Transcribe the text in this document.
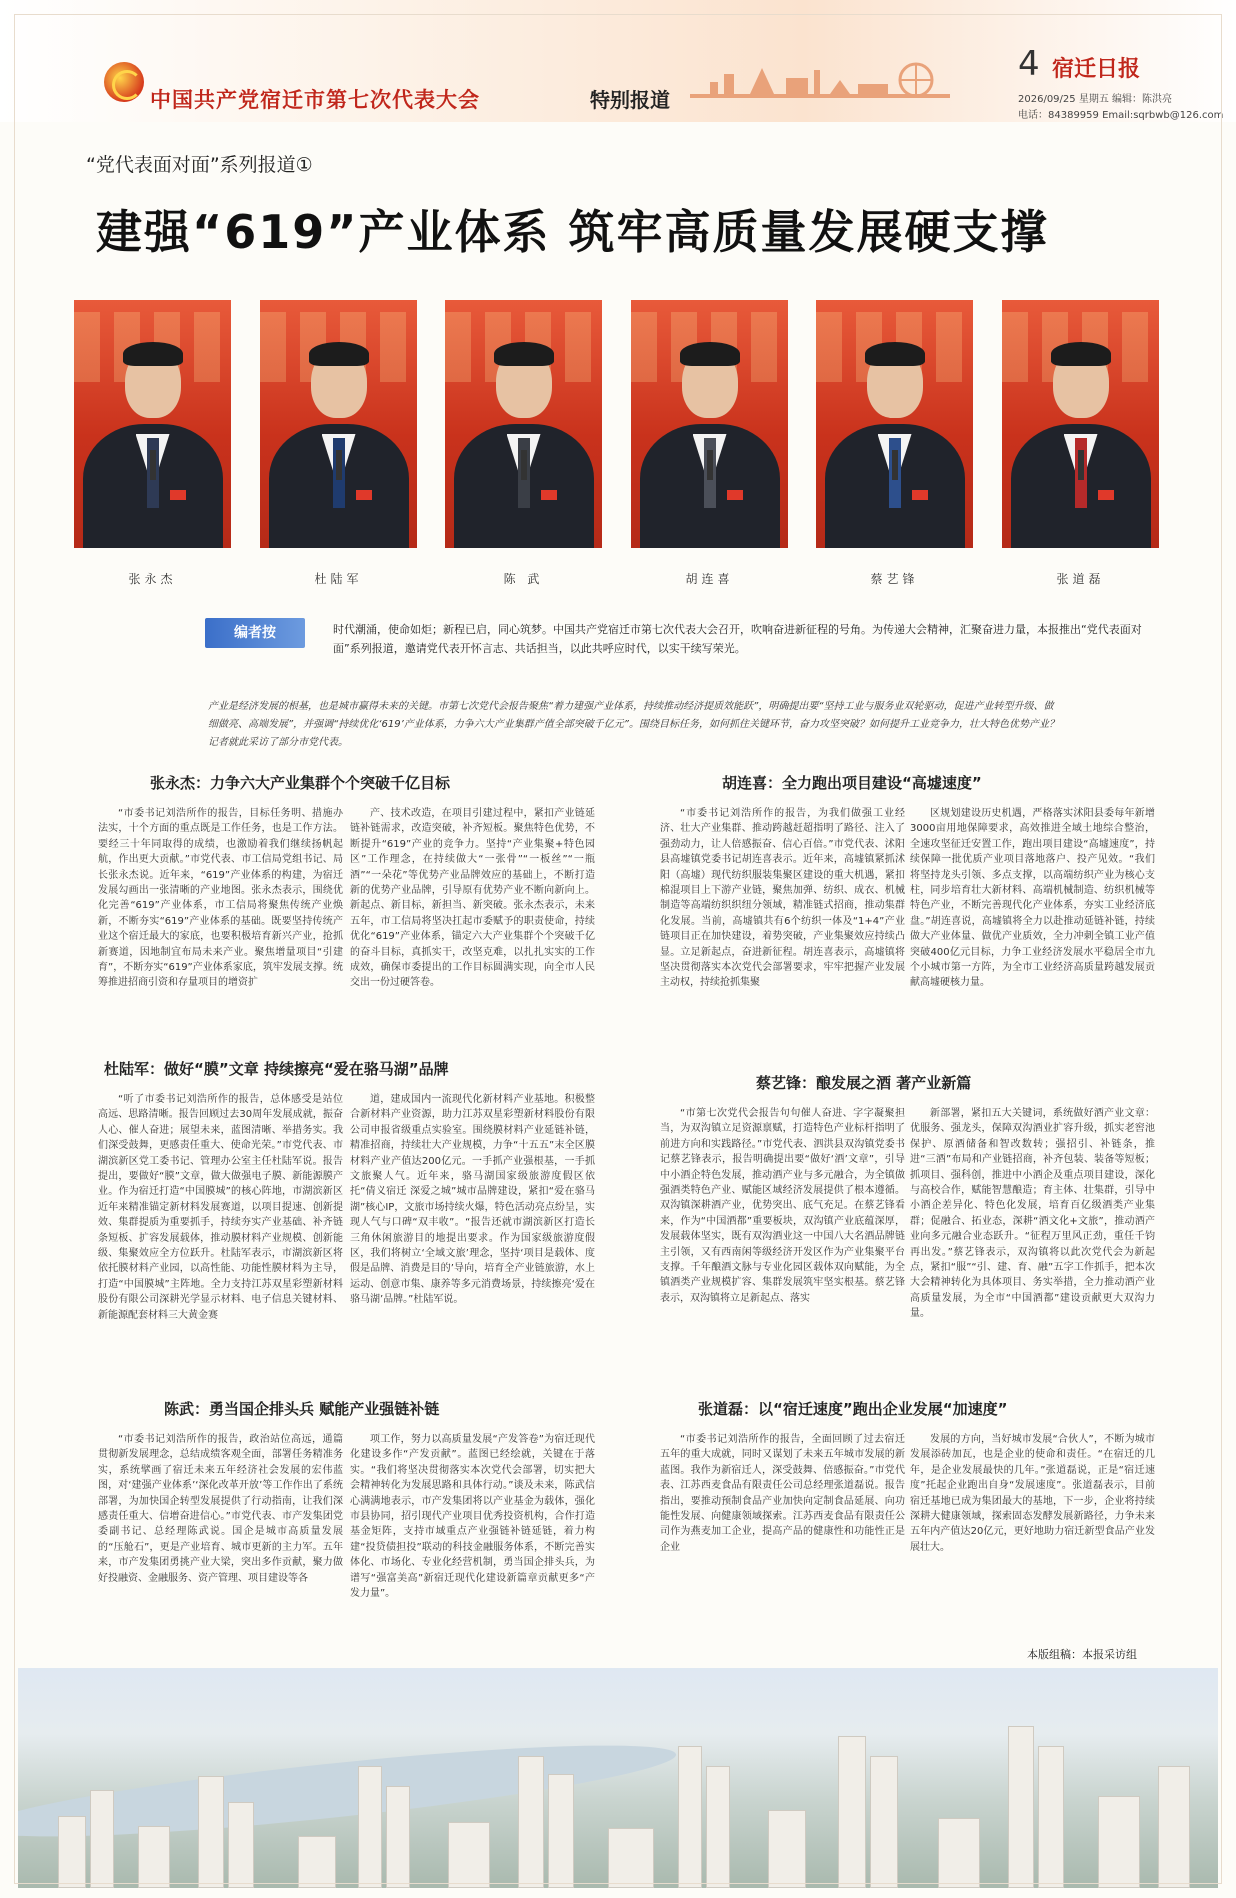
中国共产党宿迁市第七次代表大会	特别报道
4 宿迁日报
2026/09/25 星期五 编辑：陈洪亮
电话：84389959 Email:sqrbwb@126.com
“党代表面对面”系列报道①
建强“619”产业体系 筑牢高质量发展硬支撑
张永杰	杜陆军	陈 武	胡连喜	蔡艺锋	张道磊
编者按	时代潮涌，使命如炬；新程已启，同心筑梦。中国共产党宿迁市第七次代表大会召开，吹响奋进新征程的号角。为传递大会精神，汇聚奋进力量，本报推出“党代表面对面”系列报道，邀请党代表开怀言志、共话担当，以此共呼应时代，以实干续写荣光。
产业是经济发展的根基，也是城市赢得未来的关键。市第七次党代会报告聚焦“着力建强产业体系，持续推动经济提质效能跃”，明确提出要“坚持工业与服务业双轮驱动，促进产业转型升级、做细做亮、高端发展”，并强调“持续优化‘619’产业体系，力争六大产业集群产值全部突破千亿元”。围绕目标任务，如何抓住关键环节，奋力攻坚突破？如何提升工业竞争力，壮大特色优势产业？记者就此采访了部分市党代表。
张永杰：力争六大产业集群个个突破千亿目标
“市委书记刘浩所作的报告，目标任务明、措施办法实，十个方面的重点既是工作任务，也是工作方法。要经三十年同取得的成绩，也激励着我们继续扬帆起航，作出更大贡献。”市党代表、市工信局党组书记、局长张永杰说。近年来，“619”产业体系的构建，为宿迁发展勾画出一张清晰的产业地图。张永杰表示，围绕优化完善“619”产业体系，市工信局将聚焦传统产业焕新，不断夯实“619”产业体系的基础。既要坚持传统产业这个宿迁最大的家底，也要积极培育新兴产业，抢抓新赛道，因地制宜布局未来产业。聚焦增量项目“引建育”，不断夯实“619”产业体系家底，筑牢发展支撑。统筹推进招商引资和存量项目的增资扩
产、技术改造，在项目引建过程中，紧扣产业链延链补链需求，改造突破，补齐短板。聚焦特色优势，不断提升“619”产业的竞争力。坚持“产业集聚+特色园区”工作理念，在持续做大“一张骨”“一板丝”“一瓶酒”“一朵花”等优势产业品牌效应的基础上，不断打造新的优势产业品牌，引导原有优势产业不断向新向上。新起点、新目标，新担当、新突破。张永杰表示，未来五年，市工信局将坚决扛起市委赋予的职责使命，持续优化“619”产业体系，锚定六大产业集群个个突破千亿的奋斗目标，真抓实干，改坚克难，以扎扎实实的工作成效，确保市委提出的工作目标圆满实现，向全市人民交出一份过硬答卷。
胡连喜：全力跑出项目建设“高墟速度”
“市委书记刘浩所作的报告，为我们做强工业经济、壮大产业集群、推动跨越赶超指明了路径、注入了强劲动力，让人倍感振奋、信心百倍。”市党代表、沭阳县高墟镇党委书记胡连喜表示。近年来，高墟镇紧抓沭阳（高墟）现代纺织服装集聚区建设的重大机遇，紧扣棉混项目上下游产业链，聚焦加弹、纺织、成衣、机械制造等高端纺织织纽分领域，精准链式招商，推动集群化发展。当前，高墟镇共有6个纺织一体及“1+4”产业链项目正在加快建设，着势突破，产业集聚效应持续凸显。立足新起点，奋进新征程。胡连喜表示，高墟镇将坚决贯彻落实本次党代会部署要求，牢牢把握产业发展主动权，持续抢抓集聚
区规划建设历史机遇，严格落实沭阳县委每年新增3000亩用地保障要求，高效推进全域土地综合整治，全速攻坚征迁安置工作，跑出项目建设“高墟速度”，持续保障一批优质产业项目落地落户、投产见效。“我们将坚持龙头引领、多点支撑，以高端纺织产业为核心支柱，同步培育壮大新材料、高端机械制造、纺织机械等特色产业，不断完善现代化产业体系，夯实工业经济底盘。”胡连喜说，高墟镇将全力以赴推动延链补链，持续做大产业体量、做优产业质效，全力冲刺全镇工业产值突破400亿元目标，力争工业经济发展水平稳居全市九个小城市第一方阵，为全市工业经济高质量跨越发展贡献高墟硬核力量。
杜陆军：做好“膜”文章 持续擦亮“爱在骆马湖”品牌
“听了市委书记刘浩所作的报告，总体感受是站位高远、思路清晰。报告回顾过去30周年发展成就，振奋人心、催人奋进；展望未来，蓝图清晰、举措务实。我们深受鼓舞，更感责任重大、使命光荣。”市党代表、市湖滨新区党工委书记、管理办公室主任杜陆军说。报告提出，要做好“膜”文章，做大做强电子膜、新能源膜产业。作为宿迁打造“中国膜城”的核心阵地，市湖滨新区近年来精准锚定新材料发展赛道，以项目提速、创新提效、集群提质为重要抓手，持续夯实产业基础、补齐链条短板、扩容发展载体，推动膜材料产业规模、创新能级、集聚效应全方位跃升。杜陆军表示，市湖滨新区将依托膜材料产业园，以高性能、功能性膜材料为主导，打造“中国膜城”主阵地。全力支持江苏双星彩塑新材料股份有限公司深耕光学显示材料、电子信息关键材料、新能源配套材料三大黄金赛
道，建成国内一流现代化新材料产业基地。积极整合新材料产业资源，助力江苏双星彩塑新材料股份有限公司申报省级重点实验室。围绕膜材料产业延链补链，精准招商，持续壮大产业规模，力争“十五五”末全区膜材料产业产值达200亿元。一手抓产业强根基，一手抓文旅聚人气。近年来，骆马湖国家级旅游度假区依托“倩义宿迁 深爱之城”城市品牌建设，紧扣“爱在骆马湖”核心IP，文旅市场持续火爆，特色活动亮点纷呈，实现人气与口碑“双丰收”。“报告还就市湖滨新区打造长三角休闲旅游目的地提出要求。作为国家级旅游度假区，我们将树立‘全域文旅’理念，坚持‘项目是载体、度假是品牌、消费是目的’导向，培育全产业链旅游，水上运动、创意市集、康养等多元消费场景，持续擦亮‘爱在骆马湖’品牌。”杜陆军说。
蔡艺锋：酿发展之酒 著产业新篇
“市第七次党代会报告句句催人奋进、字字凝聚担当，为双沟镇立足资源禀赋，打造特色产业标杆指明了前进方向和实践路径。”市党代表、泗洪县双沟镇党委书记蔡艺锋表示，报告明确提出要“做好‘酒’文章”，引导中小酒企特色发展，推动酒产业与多元融合，为全镇做强酒类特色产业、赋能区域经济发展提供了根本遵循。双沟镇深耕酒产业，优势突出、底气充足。在蔡艺锋看来，作为“中国酒都”重要板块，双沟镇产业底蕴深厚，发展载体坚实，既有双沟酒业这一中国八大名酒品牌链主引领，又有西南闲等级经济开发区作为产业集聚平台支撑。千年酿酒文脉与专业化园区载体双向赋能，为全镇酒类产业规模扩容、集群发展筑牢坚实根基。蔡艺锋表示，双沟镇将立足新起点、落实
新部署，紧扣五大关键词，系统做好酒产业文章：优服务、强龙头，保障双沟酒业扩容升级，抓实老窖池保护、原酒储备和智改数转；强招引、补链条，推进“三酒”布局和产业链招商，补齐包装、装备等短板；抓项目、强科创，推进中小酒企及重点项目建设，深化与高校合作，赋能智慧酿造；育主体、壮集群，引导中小酒企差异化、特色化发展，培育百亿级酒类产业集群；促融合、拓业态，深耕“酒文化+文旅”，推动酒产业向多元融合业态跃升。“征程万里风正劲，重任千钧再出发。”蔡艺锋表示，双沟镇将以此次党代会为新起点，紧扣“服”“引、建、育、融”五字工作抓手，把本次大会精神转化为具体项目、务实举措，全力推动酒产业高质量发展，为全市“中国酒都”建设贡献更大双沟力量。
陈武：勇当国企排头兵 赋能产业强链补链
“市委书记刘浩所作的报告，政治站位高远，通篇贯彻新发展理念，总结成绩客观全面，部署任务精准务实，系统擘画了宿迁未来五年经济社会发展的宏伟蓝图，对‘建强产业体系’‘深化改革开放’等工作作出了系统部署，为加快国企转型发展提供了行动指南，让我们深感责任重大、信增奋进信心。”市党代表、市产发集团党委副书记、总经理陈武说。国企是城市高质量发展的“压舱石”，更是产业培育、城市更新的主力军。五年来，市产发集团勇挑产业大梁，突出多作贡献，聚力做好投融资、金融服务、资产管理、项目建设等各
项工作，努力以高质量发展“产发答卷”为宿迁现代化建设多作“产发贡献”。蓝图已经绘就，关键在于落实。“我们将坚决贯彻落实本次党代会部署，切实把大会精神转化为发展思路和具体行动。”谈及未来，陈武信心满满地表示，市产发集团将以产业基金为载体，强化市县协同，招引现代产业项目优秀投资机构，合作打造基金矩阵，支持市域重点产业强链补链延链，着力构建“投贷债担投”联动的科技金融服务体系，不断完善实体化、市场化、专业化经营机制，勇当国企排头兵，为谱写“强富美高”新宿迁现代化建设新篇章贡献更多“产发力量”。
张道磊：以“宿迁速度”跑出企业发展“加速度”
“市委书记刘浩所作的报告，全面回顾了过去宿迁五年的重大成就，同时又谋划了未来五年城市发展的新蓝图。我作为新宿迁人，深受鼓舞、倍感振奋。”市党代表、江苏西麦食品有限责任公司总经理张道磊说。报告指出，要推动预制食品产业加快向定制食品延展、向功能性发展、向健康领域探索。江苏西麦食品有限责任公司作为燕麦加工企业，提高产品的健康性和功能性正是企业
发展的方向，当好城市发展“合伙人”，不断为城市发展添砖加瓦，也是企业的使命和责任。“在宿迁的几年，是企业发展最快的几年。”张道磊说，正是“宿迁速度”托起企业跑出自身“发展速度”。张道磊表示，目前宿迁基地已成为集团最大的基地，下一步，企业将持续深耕大健康领域，探索固态发酵发展新路径，力争未来五年内产值达20亿元，更好地助力宿迁新型食品产业发展壮大。
本版组稿：本报采访组
